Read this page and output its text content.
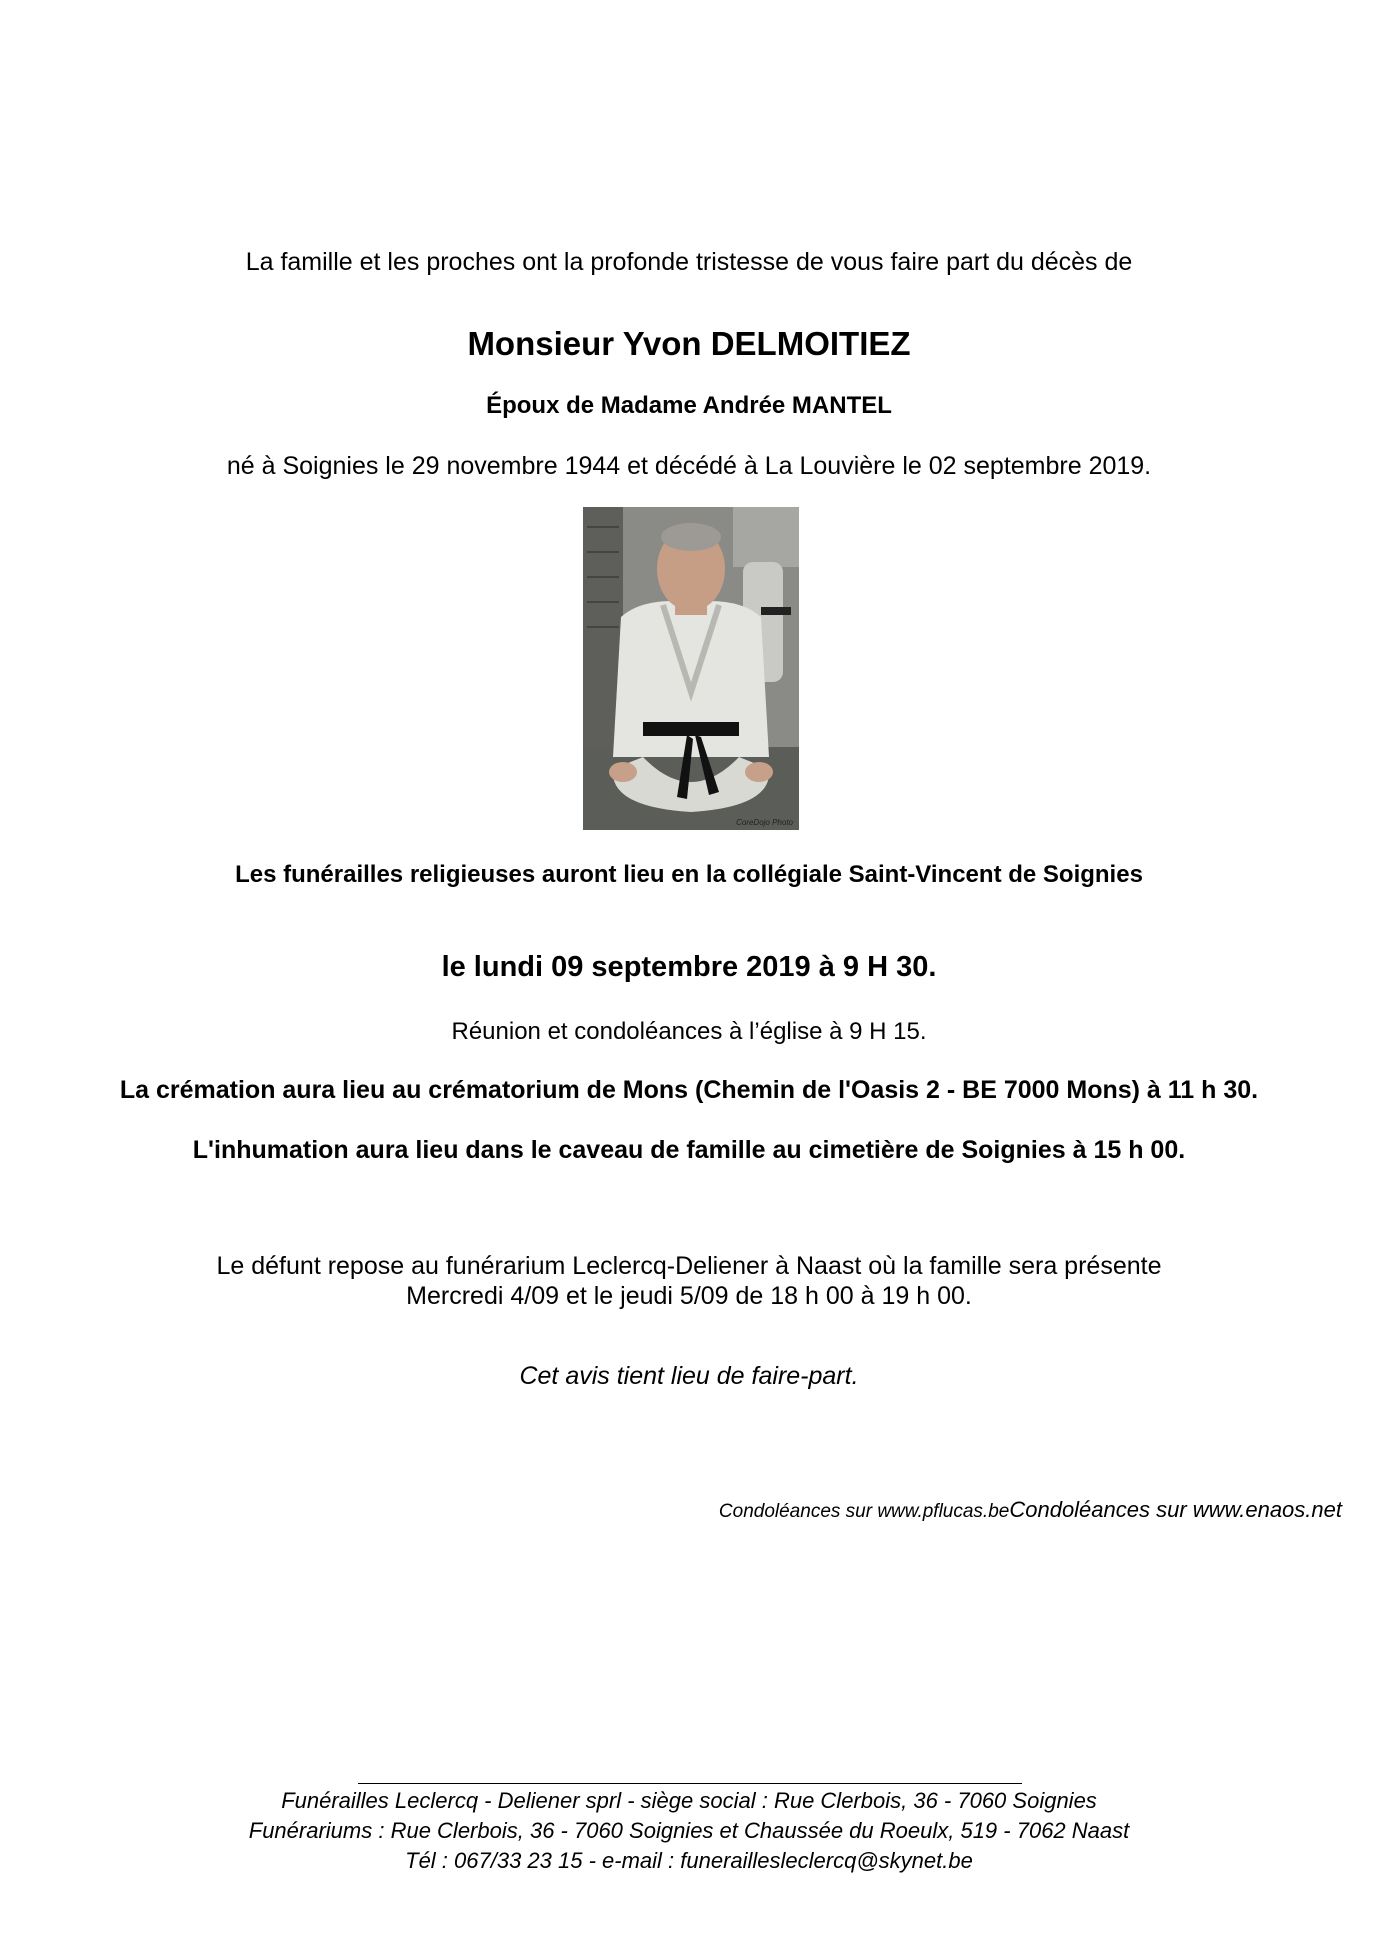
La famille et les proches ont la profonde tristesse de vous faire part du décès de
Monsieur Yvon DELMOITIEZ
Époux de Madame Andrée MANTEL
né à Soignies le 29 novembre 1944 et décédé à La Louvière le 02 septembre 2019.
CoreDojo Photo
Les funérailles religieuses auront lieu en la collégiale Saint-Vincent de Soignies
le lundi 09 septembre 2019 à 9 H 30.
Réunion et condoléances à l’église à 9 H 15.
La crémation aura lieu au crématorium de Mons (Chemin de l'Oasis 2 - BE 7000 Mons) à 11 h 30.
L'inhumation aura lieu dans le caveau de famille au cimetière de Soignies à 15 h 00.
Le défunt repose au funérarium Leclercq-Deliener à Naast où la famille sera présente
Mercredi 4/09 et le jeudi 5/09 de 18 h 00 à 19 h 00.
Cet avis tient lieu de faire-part.
Condoléances sur www.pflucas.beCondoléances sur www.enaos.net
Funérailles Leclercq - Deliener sprl - siège social : Rue Clerbois, 36 - 7060 Soignies
Funérariums : Rue Clerbois, 36 - 7060 Soignies et Chaussée du Roeulx, 519 - 7062 Naast
Tél : 067/33 23 15 - e-mail : funeraillesleclercq@skynet.be
